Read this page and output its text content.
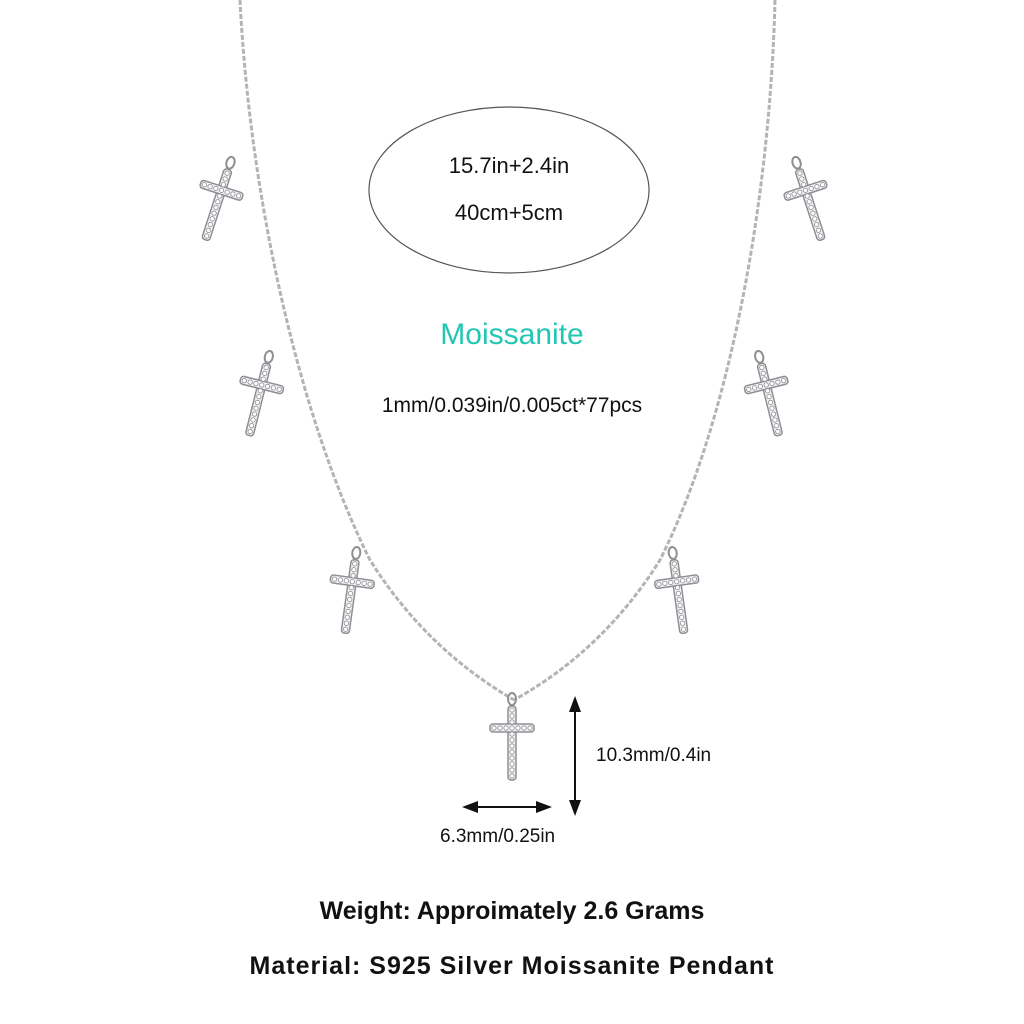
15.7in+2.4in
40cm+5cm
Moissanite
1mm/0.039in/0.005ct*77pcs
10.3mm/0.4in
6.3mm/0.25in
Weight: Approimately 2.6 Grams
Material: S925 Silver Moissanite Pendant
